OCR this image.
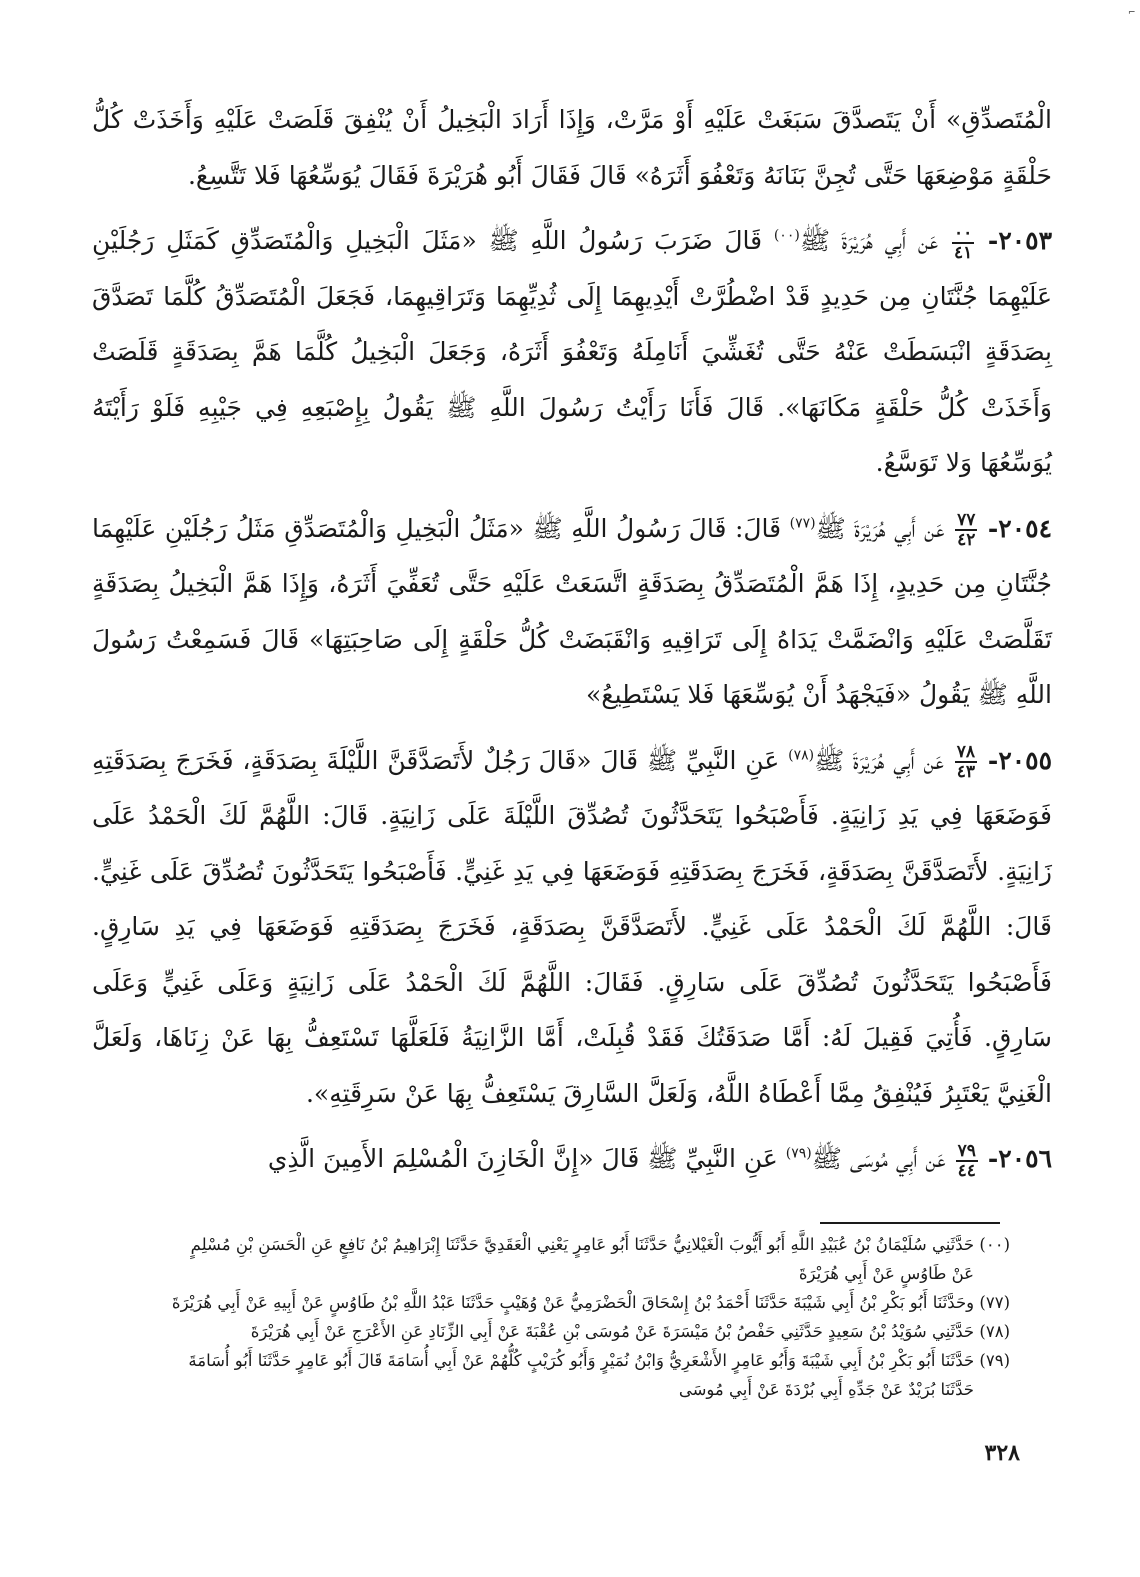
⌐

الْمُتَصدِّقِ» أَنْ يَتَصدَّقَ سَبَغَتْ عَلَيْهِ أَوْ مَرَّتْ، وَإِذَا أَرَادَ الْبَخِيلُ أَنْ يُنْفِقَ قَلَصَتْ عَلَيْهِ وَأَخَذَتْ كُلُّ حَلْقَةٍ مَوْضِعَهَا حَتَّى تُجِنَّ بَنَانَهُ وَتَعْفُوَ أَثَرَهُ» قَالَ فَقَالَ أَبُو هُرَيْرَةَ فَقَالَ يُوَسِّعُهَا فَلا تَتَّسِعُ.

٢٠٥٣-
$\frac{٠٠}{٤١}$
عَن أَبِي هُرَيْرَةَ ﷺ$^{(٠٠)}$ قَالَ ضَرَبَ رَسُولُ اللَّهِ ﷺ «مَثَلَ الْبَخِيلِ وَالْمُتَصَدِّقِ كَمَثَلِ رَجُلَيْنِ عَلَيْهِمَا جُنَّتَانِ مِن حَدِيدٍ قَدْ اضْطُرَّتْ أَيْدِيهِمَا إِلَى ثُدِيِّهِمَا وَتَرَاقِيهِمَا، فَجَعَلَ الْمُتَصَدِّقُ كُلَّمَا تَصَدَّقَ بِصَدَقَةٍ انْبَسَطَتْ عَنْهُ حَتَّى تُغَشِّيَ أَنَامِلَهُ وَتَعْفُوَ أَثَرَهُ، وَجَعَلَ الْبَخِيلُ كُلَّمَا هَمَّ بِصَدَقَةٍ قَلَصَتْ وَأَخَذَتْ كُلُّ حَلْقَةٍ مَكَانَهَا». قَالَ فَأَنَا رَأَيْتُ رَسُولَ اللَّهِ ﷺ يَقُولُ بِإِصْبَعِهِ فِي جَيْبِهِ فَلَوْ رَأَيْتَهُ يُوَسِّعُهَا وَلا تَوَسَّعُ.

٢٠٥٤-
$\frac{٧٧}{٤٢}$
عَن أَبِي هُرَيْرَةَ ﷺ$^{(٧٧)}$ قَالَ: قَالَ رَسُولُ اللَّهِ ﷺ «مَثَلُ الْبَخِيلِ وَالْمُتَصَدِّقِ مَثَلُ رَجُلَيْنِ عَلَيْهِمَا جُنَّتَانِ مِن حَدِيدٍ، إِذَا هَمَّ الْمُتَصَدِّقُ بِصَدَقَةٍ اتَّسَعَتْ عَلَيْهِ حَتَّى تُعَفِّيَ أَثَرَهُ، وَإِذَا هَمَّ الْبَخِيلُ بِصَدَقَةٍ تَقَلَّصَتْ عَلَيْهِ وَانْضَمَّتْ يَدَاهُ إِلَى تَرَاقِيهِ وَانْقَبَضَتْ كُلُّ حَلْقَةٍ إِلَى صَاحِبَتِهَا» قَالَ فَسَمِعْتُ رَسُولَ اللَّهِ ﷺ يَقُولُ «فَيَجْهَدُ أَنْ يُوَسِّعَهَا فَلا يَسْتَطِيعُ»

٢٠٥٥-
$\frac{٧٨}{٤٣}$
عَن أَبِي هُرَيْرَةَ ﷺ$^{(٧٨)}$ عَنِ النَّبِيِّ ﷺ قَالَ «قَالَ رَجُلٌ لأَتَصَدَّقَنَّ اللَّيْلَةَ بِصَدَقَةٍ، فَخَرَجَ بِصَدَقَتِهِ فَوَضَعَهَا فِي يَدِ زَانِيَةٍ. فَأَصْبَحُوا يَتَحَدَّثُونَ تُصُدِّقَ اللَّيْلَةَ عَلَى زَانِيَةٍ. قَالَ: اللَّهُمَّ لَكَ الْحَمْدُ عَلَى زَانِيَةٍ. لأَتَصَدَّقَنَّ بِصَدَقَةٍ، فَخَرَجَ بِصَدَقَتِهِ فَوَضَعَهَا فِي يَدِ غَنِيٍّ. فَأَصْبَحُوا يَتَحَدَّثُونَ تُصُدِّقَ عَلَى غَنِيٍّ. قَالَ: اللَّهُمَّ لَكَ الْحَمْدُ عَلَى غَنِيٍّ. لأَتَصَدَّقَنَّ بِصَدَقَةٍ، فَخَرَجَ بِصَدَقَتِهِ فَوَضَعَهَا فِي يَدِ سَارِقٍ. فَأَصْبَحُوا يَتَحَدَّثُونَ تُصُدِّقَ عَلَى سَارِقٍ. فَقَالَ: اللَّهُمَّ لَكَ الْحَمْدُ عَلَى زَانِيَةٍ وَعَلَى غَنِيٍّ وَعَلَى سَارِقٍ. فَأُتِيَ فَقِيلَ لَهُ: أَمَّا صَدَقَتُكَ فَقَدْ قُبِلَتْ، أَمَّا الزَّانِيَةُ فَلَعَلَّهَا تَسْتَعِفُّ بِهَا عَنْ زِنَاهَا، وَلَعَلَّ الْغَنِيَّ يَعْتَبِرُ فَيُنْفِقُ مِمَّا أَعْطَاهُ اللَّهُ، وَلَعَلَّ السَّارِقَ يَسْتَعِفُّ بِهَا عَنْ سَرِقَتِهِ».

٢٠٥٦-
$\frac{٧٩}{٤٤}$
عَن أَبِي مُوسَى ﷺ$^{(٧٩)}$ عَنِ النَّبِيِّ ﷺ قَالَ «إِنَّ الْخَازِنَ الْمُسْلِمَ الأَمِينَ الَّذِي

(٠٠) حَدَّثَنِي سُلَيْمَانُ بْنُ عُبَيْدِ اللَّهِ أَبُو أَيُّوبَ الْغَيْلانِيُّ حَدَّثَنَا أَبُو عَامِرٍ يَعْنِي الْعَقَدِيَّ حَدَّثَنَا إِبْرَاهِيمُ بْنُ نَافِعٍ عَنِ الْحَسَنِ بْنِ مُسْلِمٍ

عَنْ طَاوُسٍ عَنْ أَبِي هُرَيْرَةَ

(٧٧) وحَدَّثَنَا أَبُو بَكْرِ بْنُ أَبِي شَيْبَةَ حَدَّثَنَا أَحْمَدُ بْنُ إِسْحَاقَ الْحَضْرَمِيُّ عَنْ وُهَيْبٍ حَدَّثَنَا عَبْدُ اللَّهِ بْنُ طَاوُسٍ عَنْ أَبِيهِ عَنْ أَبِي هُرَيْرَةَ

(٧٨) حَدَّثَنِي سُوَيْدُ بْنُ سَعِيدٍ حَدَّثَنِي حَفْصُ بْنُ مَيْسَرَةَ عَنْ مُوسَى بْنِ عُقْبَةَ عَنْ أَبِي الزِّنَادِ عَنِ الأَعْرَجِ عَنْ أَبِي هُرَيْرَةَ

(٧٩) حَدَّثَنَا أَبُو بَكْرِ بْنُ أَبِي شَيْبَةَ وَأَبُو عَامِرٍ الأَشْعَرِيُّ وَابْنُ نُمَيْرٍ وَأَبُو كُرَيْبٍ كُلُّهُمْ عَنْ أَبِي أُسَامَةَ قَالَ أَبُو عَامِرٍ حَدَّثَنَا أَبُو أُسَامَةَ

حَدَّثَنَا بُرَيْدٌ عَنْ جَدِّهِ أَبِي بُرْدَةَ عَنْ أَبِي مُوسَى

٣٢٨
